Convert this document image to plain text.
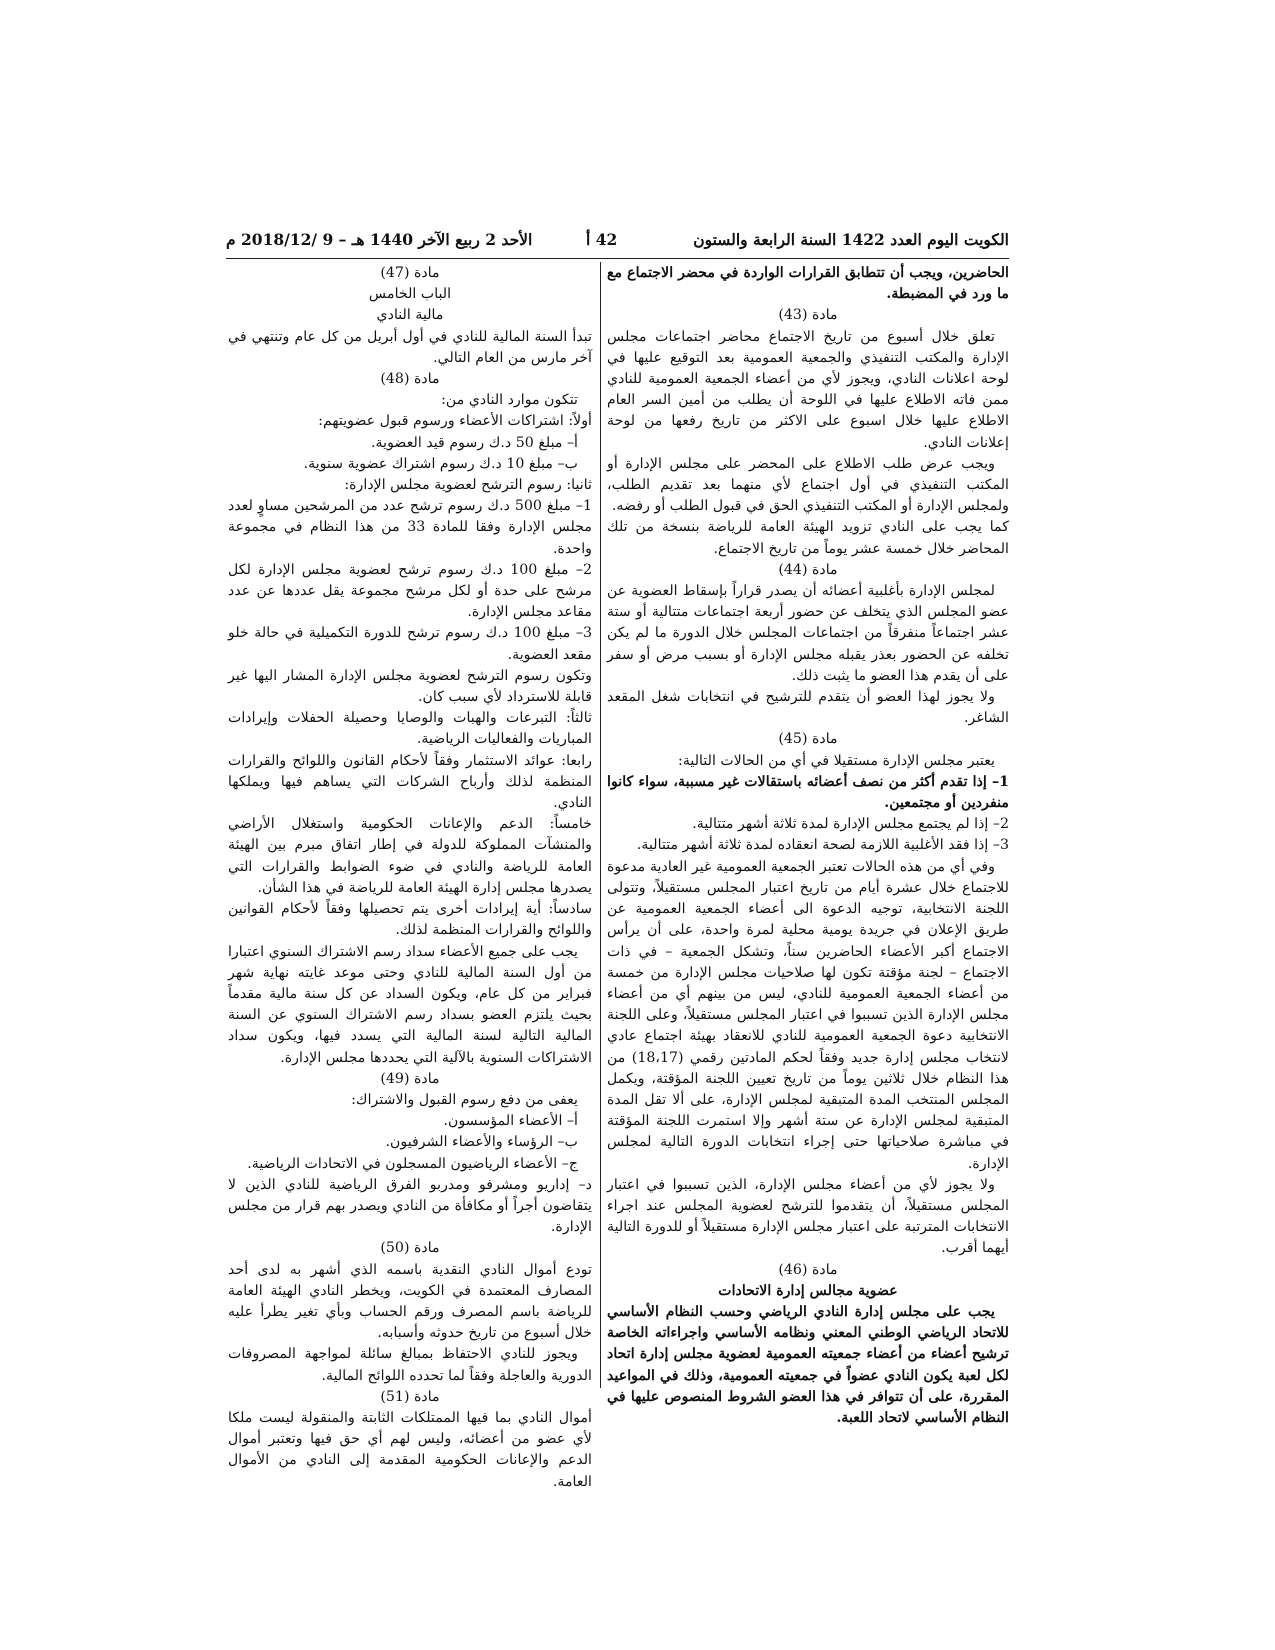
الكويت اليوم العدد 1422 السنة الرابعة والستون
42 أ
الأحد 2 ربيع الآخر 1440 هـ – 9 /2018/12 م

الحاضرين، ويجب أن تتطابق القرارات الواردة في محضر الاجتماع مع ما ورد في المضبطة.

مادة (43)

تعلق خلال أسبوع من تاريخ الاجتماع محاضر اجتماعات مجلس الإدارة والمكتب التنفيذي والجمعية العمومية بعد التوقيع عليها في لوحة اعلانات النادي، ويجوز لأي من أعضاء الجمعية العمومية للنادي ممن فاته الاطلاع عليها في اللوحة أن يطلب من أمين السر العام الاطلاع عليها خلال اسبوع على الاكثر من تاريخ رفعها من لوحة إعلانات النادي.

ويجب عرض طلب الاطلاع على المحضر على مجلس الإدارة أو المكتب التنفيذي في أول اجتماع لأي منهما بعد تقديم الطلب، ولمجلس الإدارة أو المكتب التنفيذي الحق في قبول الطلب أو رفضه.

كما يجب على النادي تزويد الهيئة العامة للرياضة بنسخة من تلك المحاضر خلال خمسة عشر يوماً من تاريخ الاجتماع.

مادة (44)

لمجلس الإدارة بأغلبية أعضائه أن يصدر قراراً بإسقاط العضوية عن عضو المجلس الذي يتخلف عن حضور أربعة اجتماعات متتالية أو ستة عشر اجتماعاً منفرقاً من اجتماعات المجلس خلال الدورة ما لم يكن تخلفه عن الحضور بعذر يقبله مجلس الإدارة أو بسبب مرض أو سفر على أن يقدم هذا العضو ما يثبت ذلك.

ولا يجوز لهذا العضو أن يتقدم للترشيح في انتخابات شغل المقعد الشاغر.

مادة (45)

يعتبر مجلس الإدارة مستقيلا في أي من الحالات التالية:

1– إذا تقدم أكثر من نصف أعضائه باستقالات غير مسببة، سواء كانوا منفردين أو مجتمعين.

2– إذا لم يجتمع مجلس الإدارة لمدة ثلاثة أشهر متتالية.

3– إذا فقد الأغلبية اللازمة لصحة انعقاده لمدة ثلاثة أشهر متتالية.

وفي أي من هذه الحالات تعتبر الجمعية العمومية غير العادية مدعوة للاجتماع خلال عشرة أيام من تاريخ اعتبار المجلس مستقيلاً، وتتولى اللجنة الانتخابية، توجيه الدعوة الى أعضاء الجمعية العمومية عن طريق الإعلان في جريدة يومية محلية لمرة واحدة، على أن يرأس الاجتماع أكبر الأعضاء الحاضرين سناً، وتشكل الجمعية – في ذات الاجتماع – لجنة مؤقتة تكون لها صلاحيات مجلس الإدارة من خمسة من أعضاء الجمعية العمومية للنادي، ليس من بينهم أي من أعضاء مجلس الإدارة الذين تسببوا في اعتبار المجلس مستقيلاً، وعلى اللجنة الانتخابية دعوة الجمعية العمومية للنادي للانعقاد بهيئة اجتماع عادي لانتخاب مجلس إدارة جديد وفقاً لحكم المادتين رقمي (18،17) من هذا النظام خلال ثلاثين يوماً من تاريخ تعيين اللجنة المؤقتة، ويكمل المجلس المنتخب المدة المتبقية لمجلس الإدارة، على ألا تقل المدة المتبقية لمجلس الإدارة عن ستة أشهر وإلا استمرت اللجنة المؤقتة في مباشرة صلاحياتها حتى إجراء انتخابات الدورة التالية لمجلس الإدارة.

ولا يجوز لأي من أعضاء مجلس الإدارة، الذين تسببوا في اعتبار المجلس مستقيلاً، أن يتقدموا للترشح لعضوية المجلس عند اجراء الانتخابات المترتبة على اعتبار مجلس الإدارة مستقيلاً أو للدورة التالية أيهما أقرب.

مادة (46)

عضوية مجالس إدارة الاتحادات

يجب على مجلس إدارة النادي الرياضي وحسب النظام الأساسي للاتحاد الرياضي الوطني المعني ونظامه الأساسي واجراءاته الخاصة ترشيح أعضاء من أعضاء جمعيته العمومية لعضوية مجلس إدارة اتحاد لكل لعبة يكون النادي عضواً في جمعيته العمومية، وذلك في المواعيد المقررة، على أن تتوافر في هذا العضو الشروط المنصوص عليها في النظام الأساسي لاتحاد اللعبة.

مادة (47)

الباب الخامس

مالية النادي

تبدأ السنة المالية للنادي في أول أبريل من كل عام وتنتهي في آخر مارس من العام التالي.

مادة (48)

تتكون موارد النادي من:

أولاً: اشتراكات الأعضاء ورسوم قبول عضويتهم:

أ– مبلغ 50 د.ك رسوم قيد العضوية.

ب– مبلغ 10 د.ك رسوم اشتراك عضوية سنوية.

ثانيا: رسوم الترشح لعضوية مجلس الإدارة:

1– مبلغ 500 د.ك رسوم ترشح عدد من المرشحين مساوٍ لعدد مجلس الإدارة وفقا للمادة 33 من هذا النظام في مجموعة واحدة.

2– مبلغ 100 د.ك رسوم ترشح لعضوية مجلس الإدارة لكل مرشح على حدة أو لكل مرشح مجموعة يقل عددها عن عدد مقاعد مجلس الإدارة.

3– مبلغ 100 د.ك رسوم ترشح للدورة التكميلية في حالة خلو مقعد العضوية.

وتكون رسوم الترشح لعضوية مجلس الإدارة المشار اليها غير قابلة للاسترداد لأي سبب كان.

ثالثاً: التبرعات والهبات والوصايا وحصيلة الحفلات وإيرادات المباريات والفعاليات الرياضية.

رابعا: عوائد الاستثمار وفقاً لأحكام القانون واللوائح والقرارات المنظمة لذلك وأرباح الشركات التي يساهم فيها ويملكها النادي.

خامساً: الدعم والإعانات الحكومية واستغلال الأراضي والمنشآت المملوكة للدولة في إطار اتفاق مبرم بين الهيئة العامة للرياضة والنادي في ضوء الضوابط والقرارات التي يصدرها مجلس إدارة الهيئة العامة للرياضة في هذا الشأن.

سادساً: أية إيرادات أخرى يتم تحصيلها وفقاً لأحكام القوانين واللوائح والقرارات المنظمة لذلك.

يجب على جميع الأعضاء سداد رسم الاشتراك السنوي اعتبارا من أول السنة المالية للنادي وحتى موعد غايته نهاية شهر فبراير من كل عام، ويكون السداد عن كل سنة مالية مقدماً بحيث يلتزم العضو بسداد رسم الاشتراك السنوي عن السنة المالية التالية لسنة المالية التي يسدد فيها، ويكون سداد الاشتراكات السنوية بالآلية التي يحددها مجلس الإدارة.

مادة (49)

يعفى من دفع رسوم القبول والاشتراك:

أ– الأعضاء المؤسسون.

ب– الرؤساء والأعضاء الشرفيون.

ج– الأعضاء الرياضيون المسجلون في الاتحادات الرياضية.

د– إداريو ومشرفو ومدربو الفرق الرياضية للنادي الذين لا يتقاضون أجراً أو مكافأة من النادي ويصدر بهم قرار من مجلس الإدارة.

مادة (50)

تودع أموال النادي النقدية باسمه الذي أشهر به لدى أحد المصارف المعتمدة في الكويت، ويخطر النادي الهيئة العامة للرياضة باسم المصرف ورقم الحساب وبأي تغير يطرأ عليه خلال أسبوع من تاريخ حدوثه وأسبابه.

ويجوز للنادي الاحتفاظ بمبالغ سائلة لمواجهة المصروفات الدورية والعاجلة وفقاً لما تحدده اللوائح المالية.

مادة (51)

أموال النادي بما فيها الممتلكات الثابتة والمنقولة ليست ملكا لأي عضو من أعضائه، وليس لهم أي حق فيها وتعتبر أموال الدعم والإعانات الحكومية المقدمة إلى النادي من الأموال العامة.
